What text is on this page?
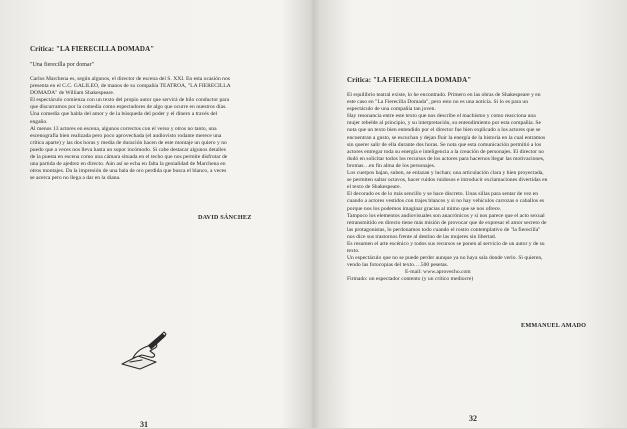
Crítica: "LA FIERECILLA DOMADA"
"Una fierecilla por domar"
Carlos Marchena es, según algunos, el director de escena del S. XXI. En esta ocasión nos
presenta en el C.C. GALILEO, de manos de su compañía TEATROA, "LA FIERECILLA
DOMADA" de William Shakespeare.
El espectáculo comienza con un texto del propio autor que servirá de hilo conductor para
que discurramos por la comedia como espectadores de algo que ocurre en nuestros días.
Una comedia que habla del amor y de la búsqueda del poder y el dinero a través del
engaño.
Al menos 13 actores en escena, algunos correctos con el verso y otros no tanto, una
escenografía bien realizada pero poco aprovechada (el audiovisto rodante merece una
crítica aparte) y las dos horas y media de duración hacen de este montaje un quiero y no
puedo que a veces nos lleva hasta un sopor incómodo. Si cabe destacar algunos detalles
de la puesta en escena como una cámara situada en el techo que nos permite disfrutar de
una partida de ajedrez en directo. Aún así se echa en falta la genialidad de Marchena en
otros montajes. Da la impresión de una bala de oro perdida que busca el blanco, a veces
se acerca pero no llega a dar en la diana.
DAVID SÁNCHEZ
31
Crítica: "LA FIERECILLA DOMADA"
El equilibrio teatral existe, lo he encontrado. Primero en las obras de Shakespeare y en
este caso en "La Fierecilla Domada", pero esto no es una noticia. Si lo es para un
espectáculo de una compañía tan joven.
Hay resonancia entre este texto que nos describe el machismo y como reacciona una
mujer rebelde al principio, y su interpretación, su entendimiento por esta compañía. Se
nota que un texto bien entendido por el director fue bien explicado a los actores que se
encuentran a gusto, se escuchan y dejan fluir la energía de la historia en la cual entramos
sin querer salir de ella durante dos horas. Se nota que esta comunicación permitió a los
actores entregar toda su energía e inteligencia a la creación de personajes. El director no
dudó en solicitar todos los recursos de los actores para hacernos llegar las motivaciones,
bromas…en fin alma de los personajes.
Los cuerpos bajan, suben, se enlazan y luchan; una articulación clara y bien proyectada,
se permiten saltar octavos, hacer ruidos ruidosos e introducir exclamaciones divertidas en
el texto de Shakespeare.
El decorado es de lo más sencillo y se hace discreto. Unas sillas para sentar de vez en
cuando a actores vestidos con trajes blancos y si no hay vehículos carrozas o caballos es
porque nos los podemos imaginar gracias al mimo que se nos ofrece.
Tampoco los elementos audiovisuales son anacrónicos y si nos parece que el acto sexual
retransmitido en directo tiene más misión de provocar que de expresar el amor secreto de
las protagonistas, lo perdonamos todo cuando el rostro contemplativo de "la fierecilla"
nos dice sus trastornos frente al destino de las mujeres sin libertad.
Es resumen el arte escénico y todos sus recursos se ponen al servicio de un autor y de su
texto.
Un espectáculo que no se puede perder aunque ya no haya sala donde verlo. Si quieren,
vendo las fotocopias del texto….500 pesetas.
E-mail: www.aprovecho.com
Firmado: un espectador contento (y un crítico mediocre)
EMMANUEL AMADO
32
